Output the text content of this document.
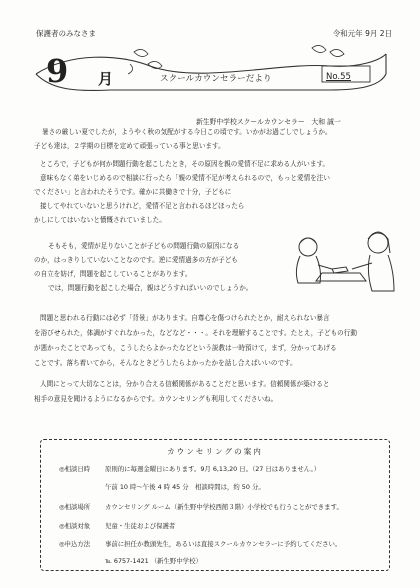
保護者のみなさま	令和元年 9月 2日
9 月	スクールカウンセラーだより	No.55
新生野中学校スクールカウンセラー　大和 誠一
暑さの厳しい夏でしたが，ようやく秋の気配がする今日この頃です。いかがお過ごしでしょうか。
子ども達は，２学期の目標を定めて頑張っている事と思います。
ところで，子どもが何か問題行動を起こしたとき，その原因を親の愛情不足に求める人がいます。
意味もなく弟をいじめるので相談に行ったら「親の愛情不足が考えられるので，もっと愛情を注い
でください」と言われたそうです。確かに共働きで十分，子どもに
接してやれていないと思うけれど，愛情不足と言われるほどほったら
かしにしてはいないと憤慨されていました。
そもそも，愛情が足りないことが子どもの問題行動の原因になる
のか，はっきりしていないことなのです。逆に愛情過多の方が子ども
の自立を妨げ，問題を起こしていることがあります。
では，問題行動を起こした場合，親はどうすればいいのでしょうか。
問題と思われる行動には必ず「背景」があります。自尊心を傷つけられたとか，耐えられない暴言
を浴びせられた，体調がすぐれなかった，などなど・・・。それを理解することです。たとえ，子どもの行動
が悪かったことであっても，こうしたらよかったなどという説教は一時預けて，まず，分かってあげる
ことです。落ち着いてから，そんなときどうしたらよかったかを話し合えばいいのです。
人間にとって大切なことは，分かり合える信頼関係があることだと思います。信頼関係が築けると
相手の意見を聞けるようになるからです。カウンセリングも利用してくださいね。
カウンセリングの案内
◎相談日時 原則的に毎週金曜日にあります。9月 6,13,20 日。（27 日はありません。）
午前 10 時～午後 4 時 45 分　相談時間は，約 50 分。
◎相談場所 カウンセリング ルーム（新生野中学校西館３階）小学校でも行うことができます。
◎相談対象 児童・生徒および保護者
◎申込方法 事前に担任か教頭先生，あるいは直接スクールカウンセラーに予約してください。
℡ 6757-1421 （新生野中学校）
